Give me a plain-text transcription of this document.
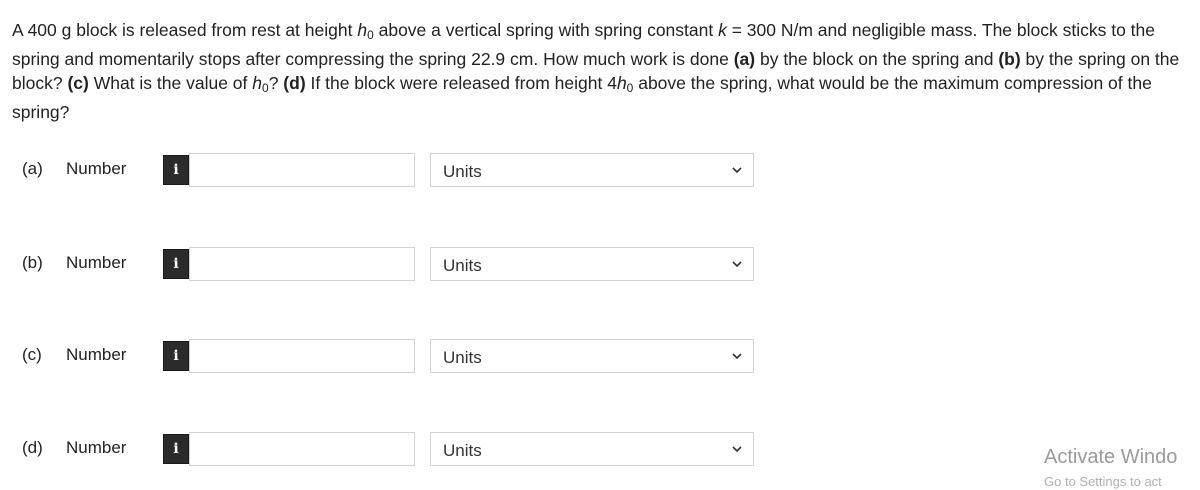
A 400 g block is released from rest at height $h_0$ above a vertical spring with spring constant k = 300 N/m and negligible mass. The block sticks to the spring and momentarily stops after compressing the spring 22.9 cm. How much work is done (a) by the block on the spring and (b) by the spring on the block? (c) What is the value of $h_0$? (d) If the block were released from height $4h_0$ above the spring, what would be the maximum compression of the spring?
(a) Number	i	Units
(b) Number	i	Units
(c) Number	i	Units
(d) Number	i	Units	Activate Windo
Go to Settings to act
